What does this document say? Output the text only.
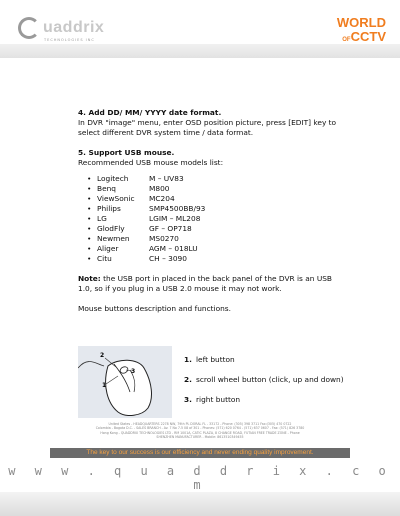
uaddrix
TECHNOLOGIES INC
WORLD
OFCCTV
4. Add DD/ MM/ YYYY date format.

In DVR "image" menu, enter OSD position picture, press [EDIT] key to select different DVR system time / data format.

5. Support USB mouse.

Recommended USB mouse models list:

• Logitech	M – UV83
• Benq	M800
• ViewSonic	MC204
• Philips	SMP4500BB/93
• LG	LGIM – ML208
• GlodFly	GF – OP718
• Newmen	MS0270
• Aliger	AGM – 018LU
• Citu	CH – 3090

Note: the USB port in placed in the back panel of the DVR is an USB 1.0, so if you plug in a USB 2.0 mouse it may not work.

Mouse buttons description and functions.

2
3
1
1. left button
2. scroll wheel button (click, up and down)
3. right button
United States - HEADQUARTERS 2278 NW, 79th PL DORAL FL - 33172 - Phone: (305) 398 3711 Fax:(305) 470 0722
Colombia - Bogota D.C. - SALES BRANCH - Av. 7 No 7-5 08 of 301 - Phones: (571) 620 0764 - (571) 637 0607 - Fax: (571) 826 3780
Hong Kong - QUADDRIX TECHNOLOGIES LTD - RM 1001A, CATIC PLAZA, 8 CHANGE ROAD, FUTIAN FREE TRADE ZONE - Phone
SHENZHEN MANUFACTURER - Mobile: 8613510349455
The key to our success is our efficiency and never ending quality improvement.
w w w . q u a d d r i x . c o m
